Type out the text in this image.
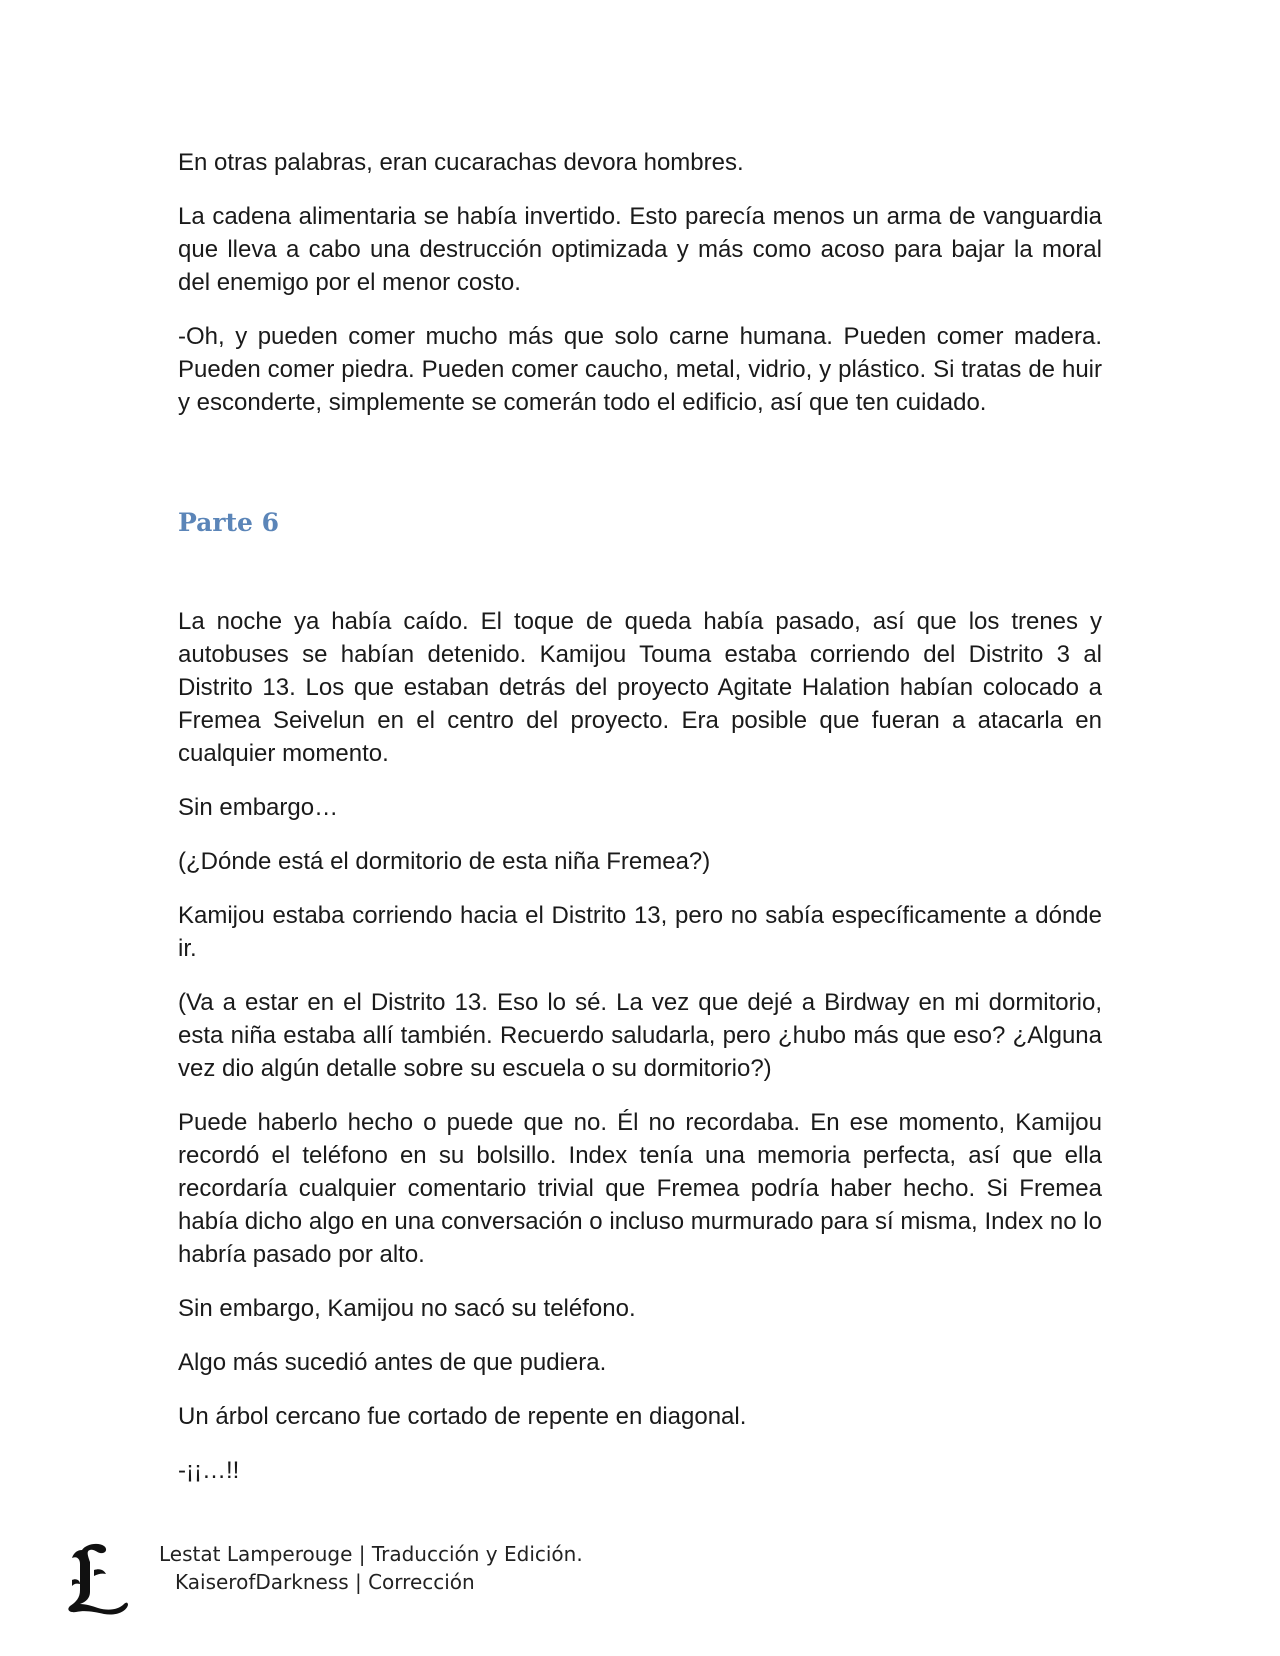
En otras palabras, eran cucarachas devora hombres.

La cadena alimentaria se había invertido. Esto parecía menos un arma de vanguardia que lleva a cabo una destrucción optimizada y más como acoso para bajar la moral del enemigo por el menor costo.

-Oh, y pueden comer mucho más que solo carne humana. Pueden comer madera. Pueden comer piedra. Pueden comer caucho, metal, vidrio, y plástico. Si tratas de huir y esconderte, simplemente se comerán todo el edificio, así que ten cuidado.

Parte 6

La noche ya había caído. El toque de queda había pasado, así que los trenes y autobuses se habían detenido. Kamijou Touma estaba corriendo del Distrito 3 al Distrito 13. Los que estaban detrás del proyecto Agitate Halation habían colocado a Fremea Seivelun en el centro del proyecto. Era posible que fueran a atacarla en cualquier momento.

Sin embargo…

(¿Dónde está el dormitorio de esta niña Fremea?)

Kamijou estaba corriendo hacia el Distrito 13, pero no sabía específicamente a dónde ir.

(Va a estar en el Distrito 13. Eso lo sé. La vez que dejé a Birdway en mi dormitorio, esta niña estaba allí también. Recuerdo saludarla, pero ¿hubo más que eso? ¿Alguna vez dio algún detalle sobre su escuela o su dormitorio?)

Puede haberlo hecho o puede que no. Él no recordaba. En ese momento, Kamijou recordó el teléfono en su bolsillo. Index tenía una memoria perfecta, así que ella recordaría cualquier comentario trivial que Fremea podría haber hecho. Si Fremea había dicho algo en una conversación o incluso murmurado para sí misma, Index no lo habría pasado por alto.

Sin embargo, Kamijou no sacó su teléfono.

Algo más sucedió antes de que pudiera.

Un árbol cercano fue cortado de repente en diagonal.

-¡¡…!!

Lestat Lamperouge | Traducción y Edición.
KaiserofDarkness | Corrección
